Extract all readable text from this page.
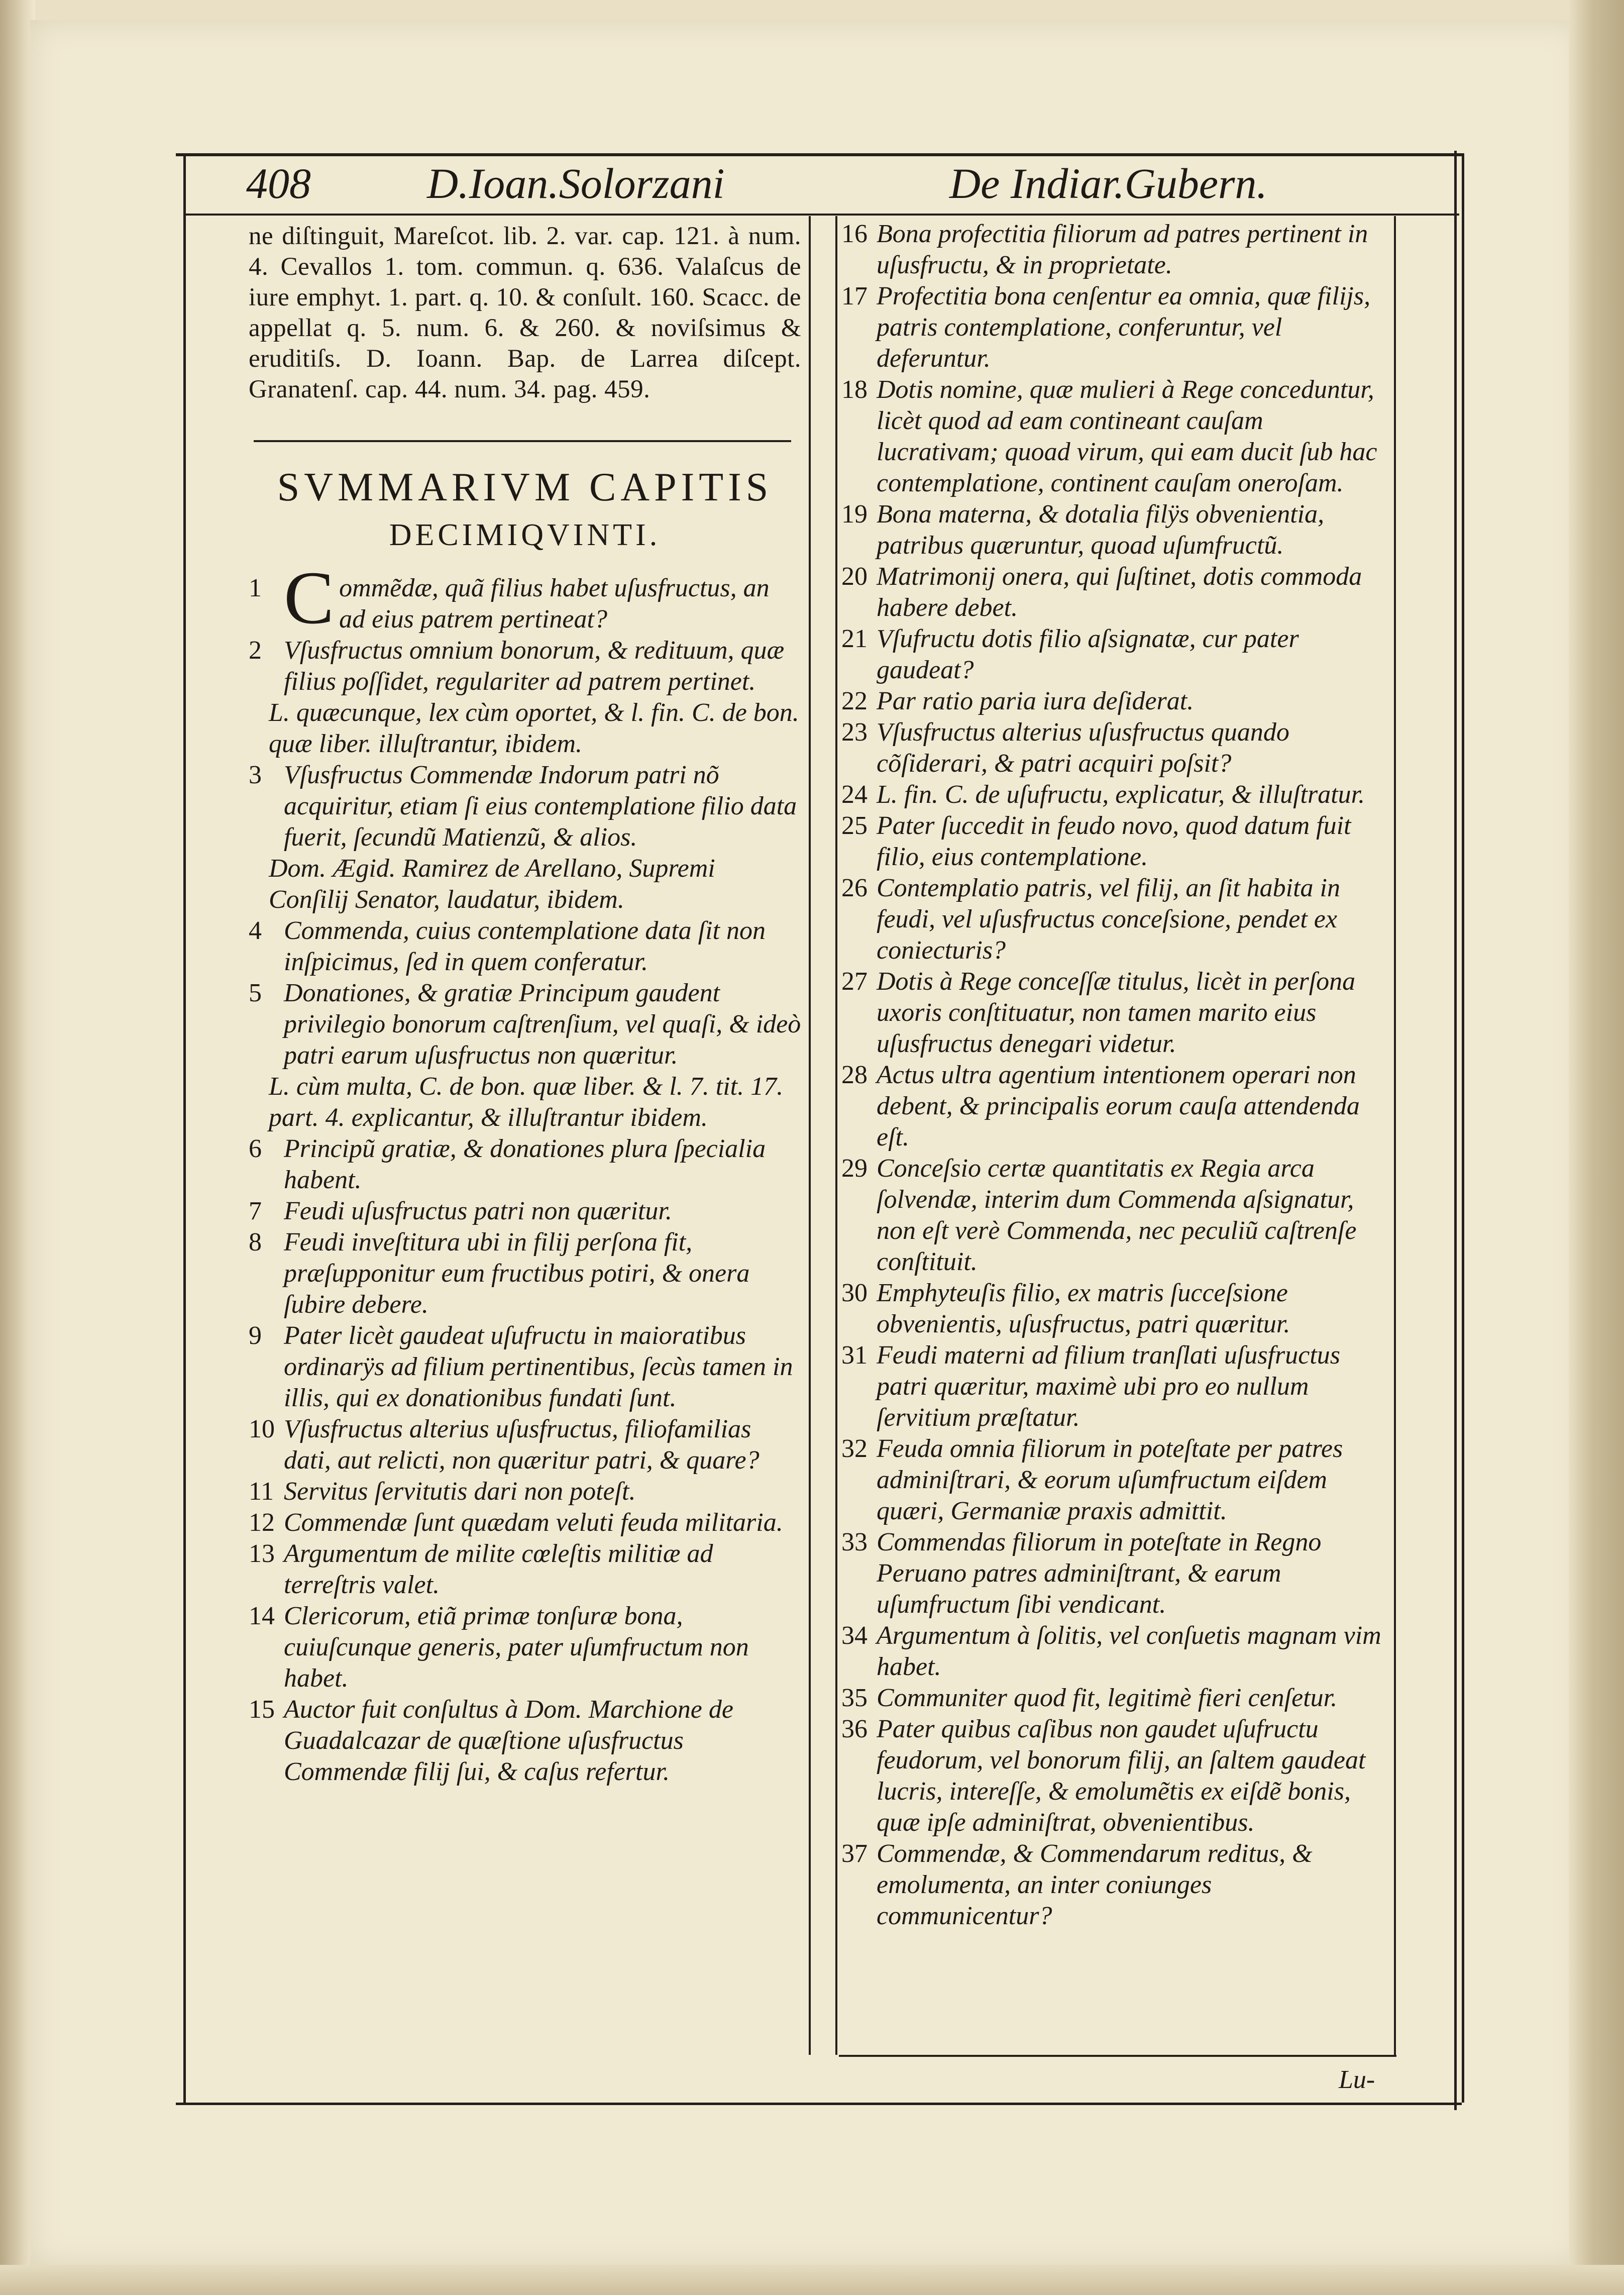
408	D.Ioan.Solorzani	De Indiar.Gubern.

ne diſtinguit, Mareſcot. lib. 2. var. cap. 121. à num. 4. Cevallos 1. tom. commun. q. 636. Valaſcus de iure emphyt. 1. part. q. 10. & conſult. 160. Scacc. de appellat q. 5. num. 6. & 260. & noviſsimus & eruditiſs. D. Ioann. Bap. de Larrea diſcept. Granatenſ. cap. 44. num. 34. pag. 459.

SVMMARIVM CAPITIS
DECIMIQVINTI.
1 Commẽdæ, quã filius habet uſusfructus, an ad eius patrem pertineat?
2 Vſusfructus omnium bonorum, & redituum, quæ filius poſſidet, regulariter ad patrem pertinet.
L. quæcunque, lex cùm oportet, & l. fin. C. de bon. quæ liber. illuſtrantur, ibidem.
3 Vſusfructus Commendæ Indorum patri nõ acquiritur, etiam ſi eius contemplatione filio data fuerit, ſecundũ Matienzũ, & alios.
Dom. Ægid. Ramirez de Arellano, Supremi Conſilij Senator, laudatur, ibidem.
4 Commenda, cuius contemplatione data ſit non inſpicimus, ſed in quem conferatur.
5 Donationes, & gratiæ Principum gaudent privilegio bonorum caſtrenſium, vel quaſi, & ideò patri earum uſusfructus non quæritur.
L. cùm multa, C. de bon. quæ liber. & l. 7. tit. 17. part. 4. explicantur, & illuſtrantur ibidem.
6 Principũ gratiæ, & donationes plura ſpecialia habent.
7 Feudi uſusfructus patri non quæritur.
8 Feudi inveſtitura ubi in filij perſona fit, præſupponitur eum fructibus potiri, & onera ſubire debere.
9 Pater licèt gaudeat uſufructu in maioratibus ordinarÿs ad filium pertinentibus, ſecùs tamen in illis, qui ex donationibus fundati ſunt.
10 Vſusfructus alterius uſusfructus, filiofamilias dati, aut relicti, non quæritur patri, & quare?
11 Servitus ſervitutis dari non poteſt.
12 Commendæ ſunt quædam veluti feuda militaria.
13 Argumentum de milite cœleſtis militiæ ad terreſtris valet.
14 Clericorum, etiã primæ tonſuræ bona, cuiuſcunque generis, pater uſumfructum non habet.
15 Auctor fuit conſultus à Dom. Marchione de Guadalcazar de quæſtione uſusfructus Commendæ filij ſui, & caſus refertur.
16 Bona profectitia filiorum ad patres pertinent in uſusfructu, & in proprietate.
17 Profectitia bona cenſentur ea omnia, quæ filijs, patris contemplatione, conferuntur, vel deferuntur.
18 Dotis nomine, quæ mulieri à Rege conceduntur, licèt quod ad eam contineant cauſam lucrativam; quoad virum, qui eam ducit ſub hac contemplatione, continent cauſam oneroſam.
19 Bona materna, & dotalia filÿs obvenientia, patribus quæruntur, quoad uſumfructũ.
20 Matrimonij onera, qui ſuſtinet, dotis commoda habere debet.
21 Vſufructu dotis filio aſsignatæ, cur pater gaudeat?
22 Par ratio paria iura deſiderat.
23 Vſusfructus alterius uſusfructus quando cõſiderari, & patri acquiri poſsit?
24 L. fin. C. de uſufructu, explicatur, & illuſtratur.
25 Pater ſuccedit in feudo novo, quod datum fuit filio, eius contemplatione.
26 Contemplatio patris, vel filij, an ſit habita in feudi, vel uſusfructus conceſsione, pendet ex coniecturis?
27 Dotis à Rege conceſſæ titulus, licèt in perſona uxoris conſtituatur, non tamen marito eius uſusfructus denegari videtur.
28 Actus ultra agentium intentionem operari non debent, & principalis eorum cauſa attendenda eſt.
29 Conceſsio certæ quantitatis ex Regia arca ſolvendæ, interim dum Commenda aſsignatur, non eſt verè Commenda, nec peculiũ caſtrenſe conſtituit.
30 Emphyteuſis filio, ex matris ſucceſsione obvenientis, uſusfructus, patri quæritur.
31 Feudi materni ad filium tranſlati uſusfructus patri quæritur, maximè ubi pro eo nullum ſervitium præſtatur.
32 Feuda omnia filiorum in poteſtate per patres adminiſtrari, & eorum uſumfructum eiſdem quæri, Germaniæ praxis admittit.
33 Commendas filiorum in poteſtate in Regno Peruano patres adminiſtrant, & earum uſumfructum ſibi vendicant.
34 Argumentum à ſolitis, vel conſuetis magnam vim habet.
35 Communiter quod fit, legitimè fieri cenſetur.
36 Pater quibus caſibus non gaudet uſufructu feudorum, vel bonorum filij, an ſaltem gaudeat lucris, intereſſe, & emolumẽtis ex eiſdẽ bonis, quæ ipſe adminiſtrat, obvenientibus.
37 Commendæ, & Commendarum reditus, & emolumenta, an inter coniunges communicentur?
Lu-
